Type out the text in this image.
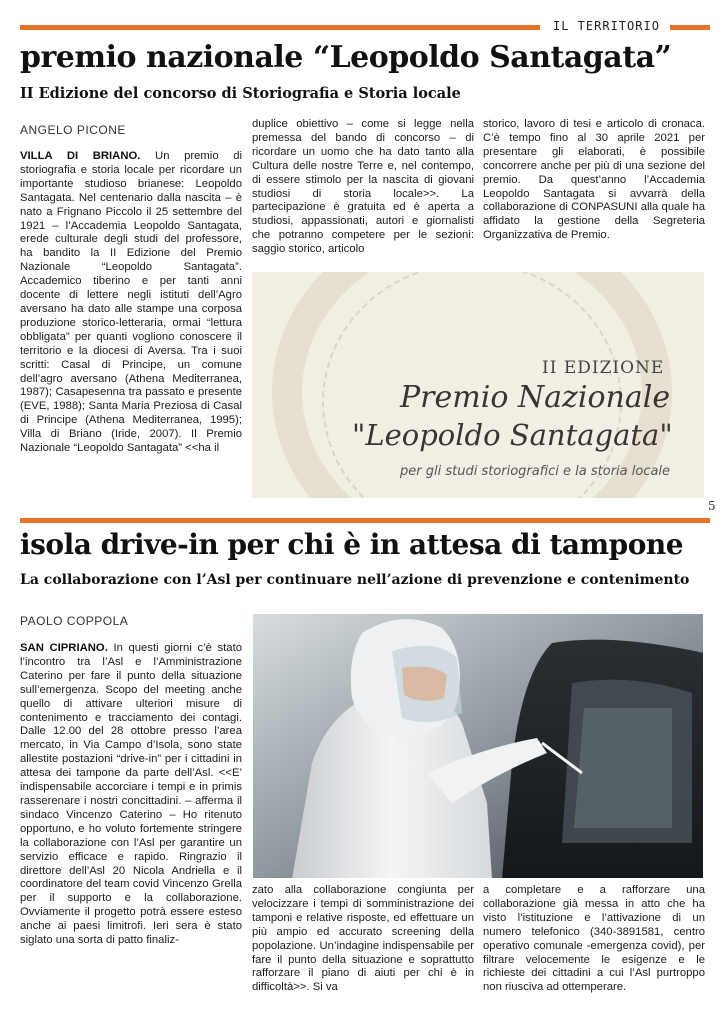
IL TERRITORIO
premio nazionale “Leopoldo Santagata”
II Edizione del concorso di Storiografia e Storia locale
ANGELO PICONE
VILLA DI BRIANO. Un premio di storiografia e storia locale per ricordare un importante studioso brianese: Leopoldo Santagata. Nel centenario dalla nascita – è nato a Frignano Piccolo il 25 settembre del 1921 – l’Accademia Leopoldo Santagata, erede culturale degli studi del professore, ha bandito la II Edizione del Premio Nazionale “Leopoldo Santagata”. Accademico tiberino e per tanti anni docente di lettere negli istituti dell’Agro aversano ha dato alle stampe una corposa produzione storico-letteraria, ormai “lettura obbligata” per quanti vogliono conoscere il territorio e la diocesi di Aversa. Tra i suoi scritti: Casal di Principe, un comune dell’agro aversano (Athena Mediterranea, 1987); Casapesenna tra passato e presente (EVE, 1988); Santa Maria Preziosa di Casal di Principe (Athena Mediterranea, 1995); Villa di Briano (Iride, 2007). Il Premio Nazionale “Leopoldo Santagata” <<ha il
duplice obiettivo – come si legge nella premessa del bando di concorso – di ricordare un uomo che ha dato tanto alla Cultura delle nostre Terre e, nel contempo, di essere stimolo per la nascita di giovani studiosi di storia locale>>. La partecipazione è gratuita ed è aperta a studiosi, appassionati, autori e giornalisti che potranno competere per le sezioni: saggio storico, articolo
storico, lavoro di tesi e articolo di cronaca. C’è tempo fino al 30 aprile 2021 per presentare gli elaborati, è possibile concorrere anche per più di una sezione del premio. Da quest’anno l’Accademia Leopoldo Santagata si avvarrà della collaborazione di CONPASUNI alla quale ha affidato la gestione della Segreteria Organizzativa de Premio.
II EDIZIONE
Premio Nazionale
"Leopoldo Santagata"
per gli studi storiografici e la storia locale
5
isola drive-in per chi è in attesa di tampone
La collaborazione con l’Asl per continuare nell’azione di prevenzione e contenimento
PAOLO COPPOLA
SAN CIPRIANO. In questi giorni c’è stato l’incontro tra l’Asl e l’Amministrazione Caterino per fare il punto della situazione sull’emergenza. Scopo del meeting anche quello di attivare ulteriori misure di contenimento e tracciamento dei contagi. Dalle 12.00 del 28 ottobre presso l’area mercato, in Via Campo d’Isola, sono state allestite postazioni “drive-in” per i cittadini in attesa dei tampone da parte dell’Asl. <<E’ indispensabile accorciare i tempi e in primis rasserenare i nostri concittadini. – afferma il sindaco Vincenzo Caterino – Ho ritenuto opportuno, e ho voluto fortemente stringere la collaborazione con l’Asl per garantire un servizio efficace e rapido. Ringrazio il direttore dell’Asl 20 Nicola Andriella e il coordinatore del team covid Vincenzo Grella per il supporto e la collaborazione. Ovviamente il progetto potrà essere esteso anche ai paesi limitrofi. Ieri sera è stato siglato una sorta di patto finaliz-
zato alla collaborazione congiunta per velocizzare i tempi di somministrazione dei tamponi e relative risposte, ed effettuare un più ampio ed accurato screening della popolazione. Un’indagine indispensabile per fare il punto della situazione e soprattutto rafforzare il piano di aiuti per chi è in difficoltà>>. Si va
a completare e a rafforzare una collaborazione già messa in atto che ha visto l’istituzione e l’attivazione di un numero telefonico (340-3891581, centro operativo comunale -emergenza covid), per filtrare velocemente le esigenze e le richieste dei cittadini a cui l’Asl purtroppo non riusciva ad ottemperare.
